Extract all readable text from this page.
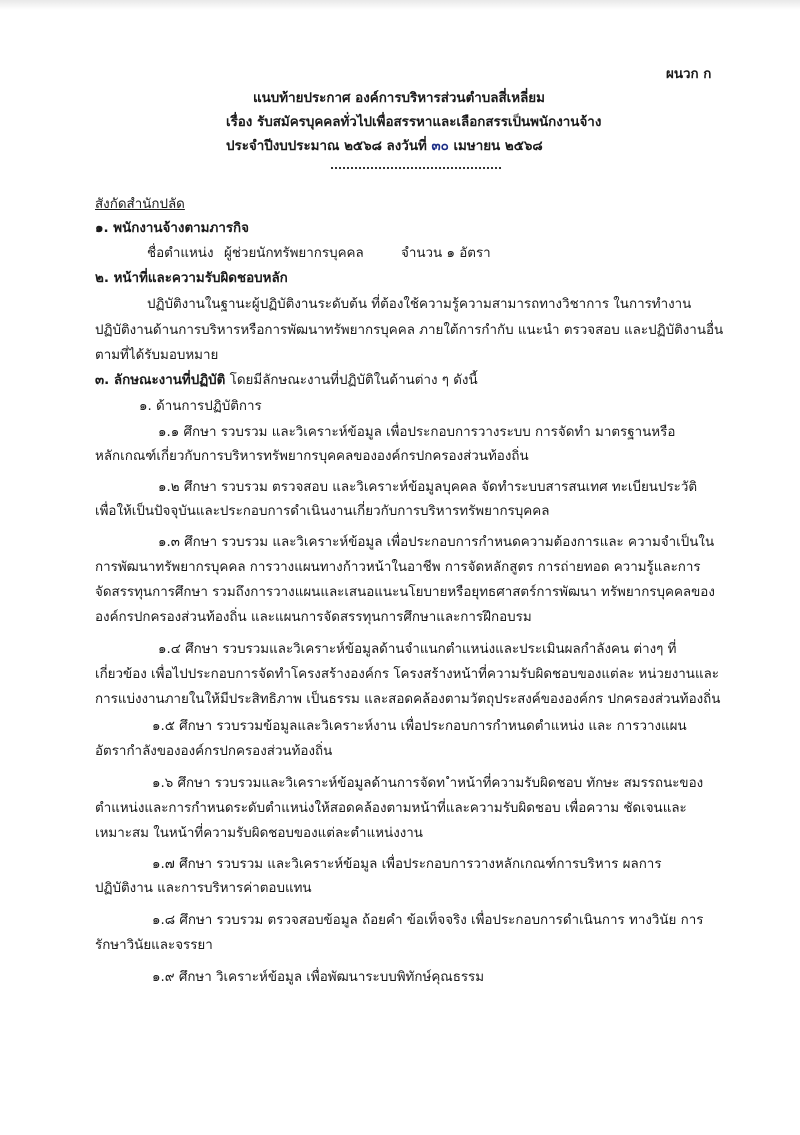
ผนวก ก
แนบท้ายประกาศ องค์การบริหารส่วนตำบลสี่เหลี่ยม
เรื่อง รับสมัครบุคคลทั่วไปเพื่อสรรหาและเลือกสรรเป็นพนักงานจ้าง
ประจำปีงบประมาณ ๒๕๖๘ ลงวันที่ ๓๐ เมษายน ๒๕๖๘
สังกัดสำนักปลัด
๑. พนักงานจ้างตามภารกิจ
ชื่อตำแหน่ง ผู้ช่วยนักทรัพยากรบุคคล	จำนวน ๑ อัตรา
๒. หน้าที่และความรับผิดชอบหลัก
ปฏิบัติงานในฐานะผู้ปฏิบัติงานระดับต้น ที่ต้องใช้ความรู้ความสามารถทางวิชาการ ในการทำงาน
ปฏิบัติงานด้านการบริหารหรือการพัฒนาทรัพยากรบุคคล ภายใต้การกำกับ แนะนำ ตรวจสอบ และปฏิบัติงานอื่น
ตามที่ได้รับมอบหมาย
๓. ลักษณะงานที่ปฏิบัติ โดยมีลักษณะงานที่ปฏิบัติในด้านต่าง ๆ ดังนี้
๑. ด้านการปฏิบัติการ
๑.๑ ศึกษา รวบรวม และวิเคราะห์ข้อมูล เพื่อประกอบการวางระบบ การจัดทำ มาตรฐานหรือ
หลักเกณฑ์เกี่ยวกับการบริหารทรัพยากรบุคคลขององค์กรปกครองส่วนท้องถิ่น
๑.๒ ศึกษา รวบรวม ตรวจสอบ และวิเคราะห์ข้อมูลบุคคล จัดทำระบบสารสนเทศ ทะเบียนประวัติ
เพื่อให้เป็นปัจจุบันและประกอบการดำเนินงานเกี่ยวกับการบริหารทรัพยากรบุคคล
๑.๓ ศึกษา รวบรวม และวิเคราะห์ข้อมูล เพื่อประกอบการกำหนดความต้องการและ ความจำเป็นใน
การพัฒนาทรัพยากรบุคคล การวางแผนทางก้าวหน้าในอาชีพ การจัดหลักสูตร การถ่ายทอด ความรู้และการ
จัดสรรทุนการศึกษา รวมถึงการวางแผนและเสนอแนะนโยบายหรือยุทธศาสตร์การพัฒนา ทรัพยากรบุคคลของ
องค์กรปกครองส่วนท้องถิ่น และแผนการจัดสรรทุนการศึกษาและการฝึกอบรม
๑.๔ ศึกษา รวบรวมและวิเคราะห์ข้อมูลด้านจำแนกตำแหน่งและประเมินผลกำลังคน ต่างๆ ที่
เกี่ยวข้อง เพื่อไปประกอบการจัดทำโครงสร้างองค์กร โครงสร้างหน้าที่ความรับผิดชอบของแต่ละ หน่วยงานและ
การแบ่งงานภายในให้มีประสิทธิภาพ เป็นธรรม และสอดคล้องตามวัตถุประสงค์ขององค์กร ปกครองส่วนท้องถิ่น
๑.๕ ศึกษา รวบรวมข้อมูลและวิเคราะห์งาน เพื่อประกอบการกำหนดตำแหน่ง และ การวางแผน
อัตรากำลังขององค์กรปกครองส่วนท้องถิ่น
๑.๖ ศึกษา รวบรวมและวิเคราะห์ข้อมูลด้านการจัดท ำหน้าที่ความรับผิดชอบ ทักษะ สมรรถนะของ
ตำแหน่งและการกำหนดระดับตำแหน่งให้สอดคล้องตามหน้าที่และความรับผิดชอบ เพื่อความ ชัดเจนและ
เหมาะสม ในหน้าที่ความรับผิดชอบของแต่ละตำแหน่งงาน
๑.๗ ศึกษา รวบรวม และวิเคราะห์ข้อมูล เพื่อประกอบการวางหลักเกณฑ์การบริหาร ผลการ
ปฏิบัติงาน และการบริหารค่าตอบแทน
๑.๘ ศึกษา รวบรวม ตรวจสอบข้อมูล ถ้อยคำ ข้อเท็จจริง เพื่อประกอบการดำเนินการ ทางวินัย การ
รักษาวินัยและจรรยา
๑.๙ ศึกษา วิเคราะห์ข้อมูล เพื่อพัฒนาระบบพิทักษ์คุณธรรม
